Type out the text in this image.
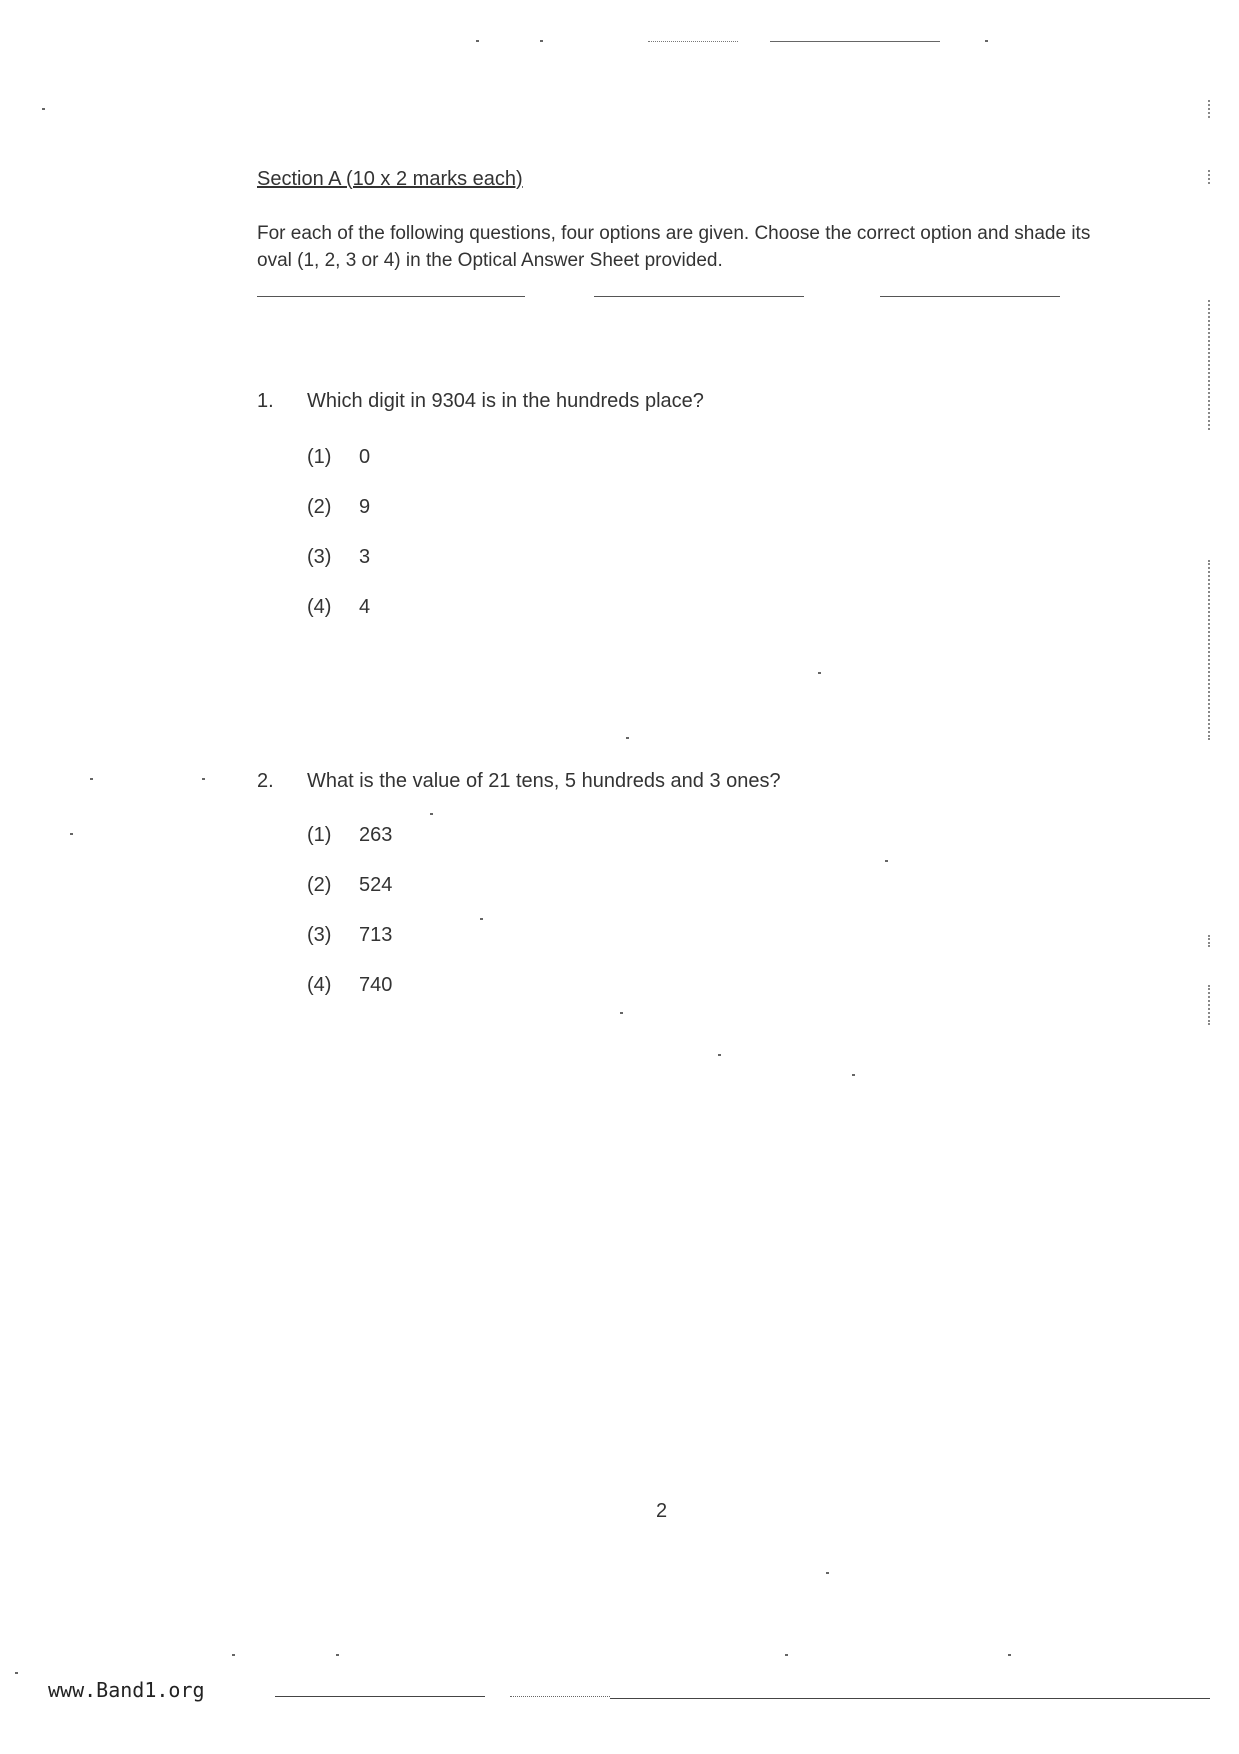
Section A (10 x 2 marks each)
For each of the following questions, four options are given. Choose the correct option and shade its oval (1, 2, 3 or 4) in the Optical Answer Sheet provided.
1.	Which digit in 9304 is in the hundreds place?
(1) 0
(2) 9
(3) 3
(4) 4
2.	What is the value of 21 tens, 5 hundreds and 3 ones?
(1) 263
(2) 524
(3) 713
(4) 740
2
www.Band1.org
